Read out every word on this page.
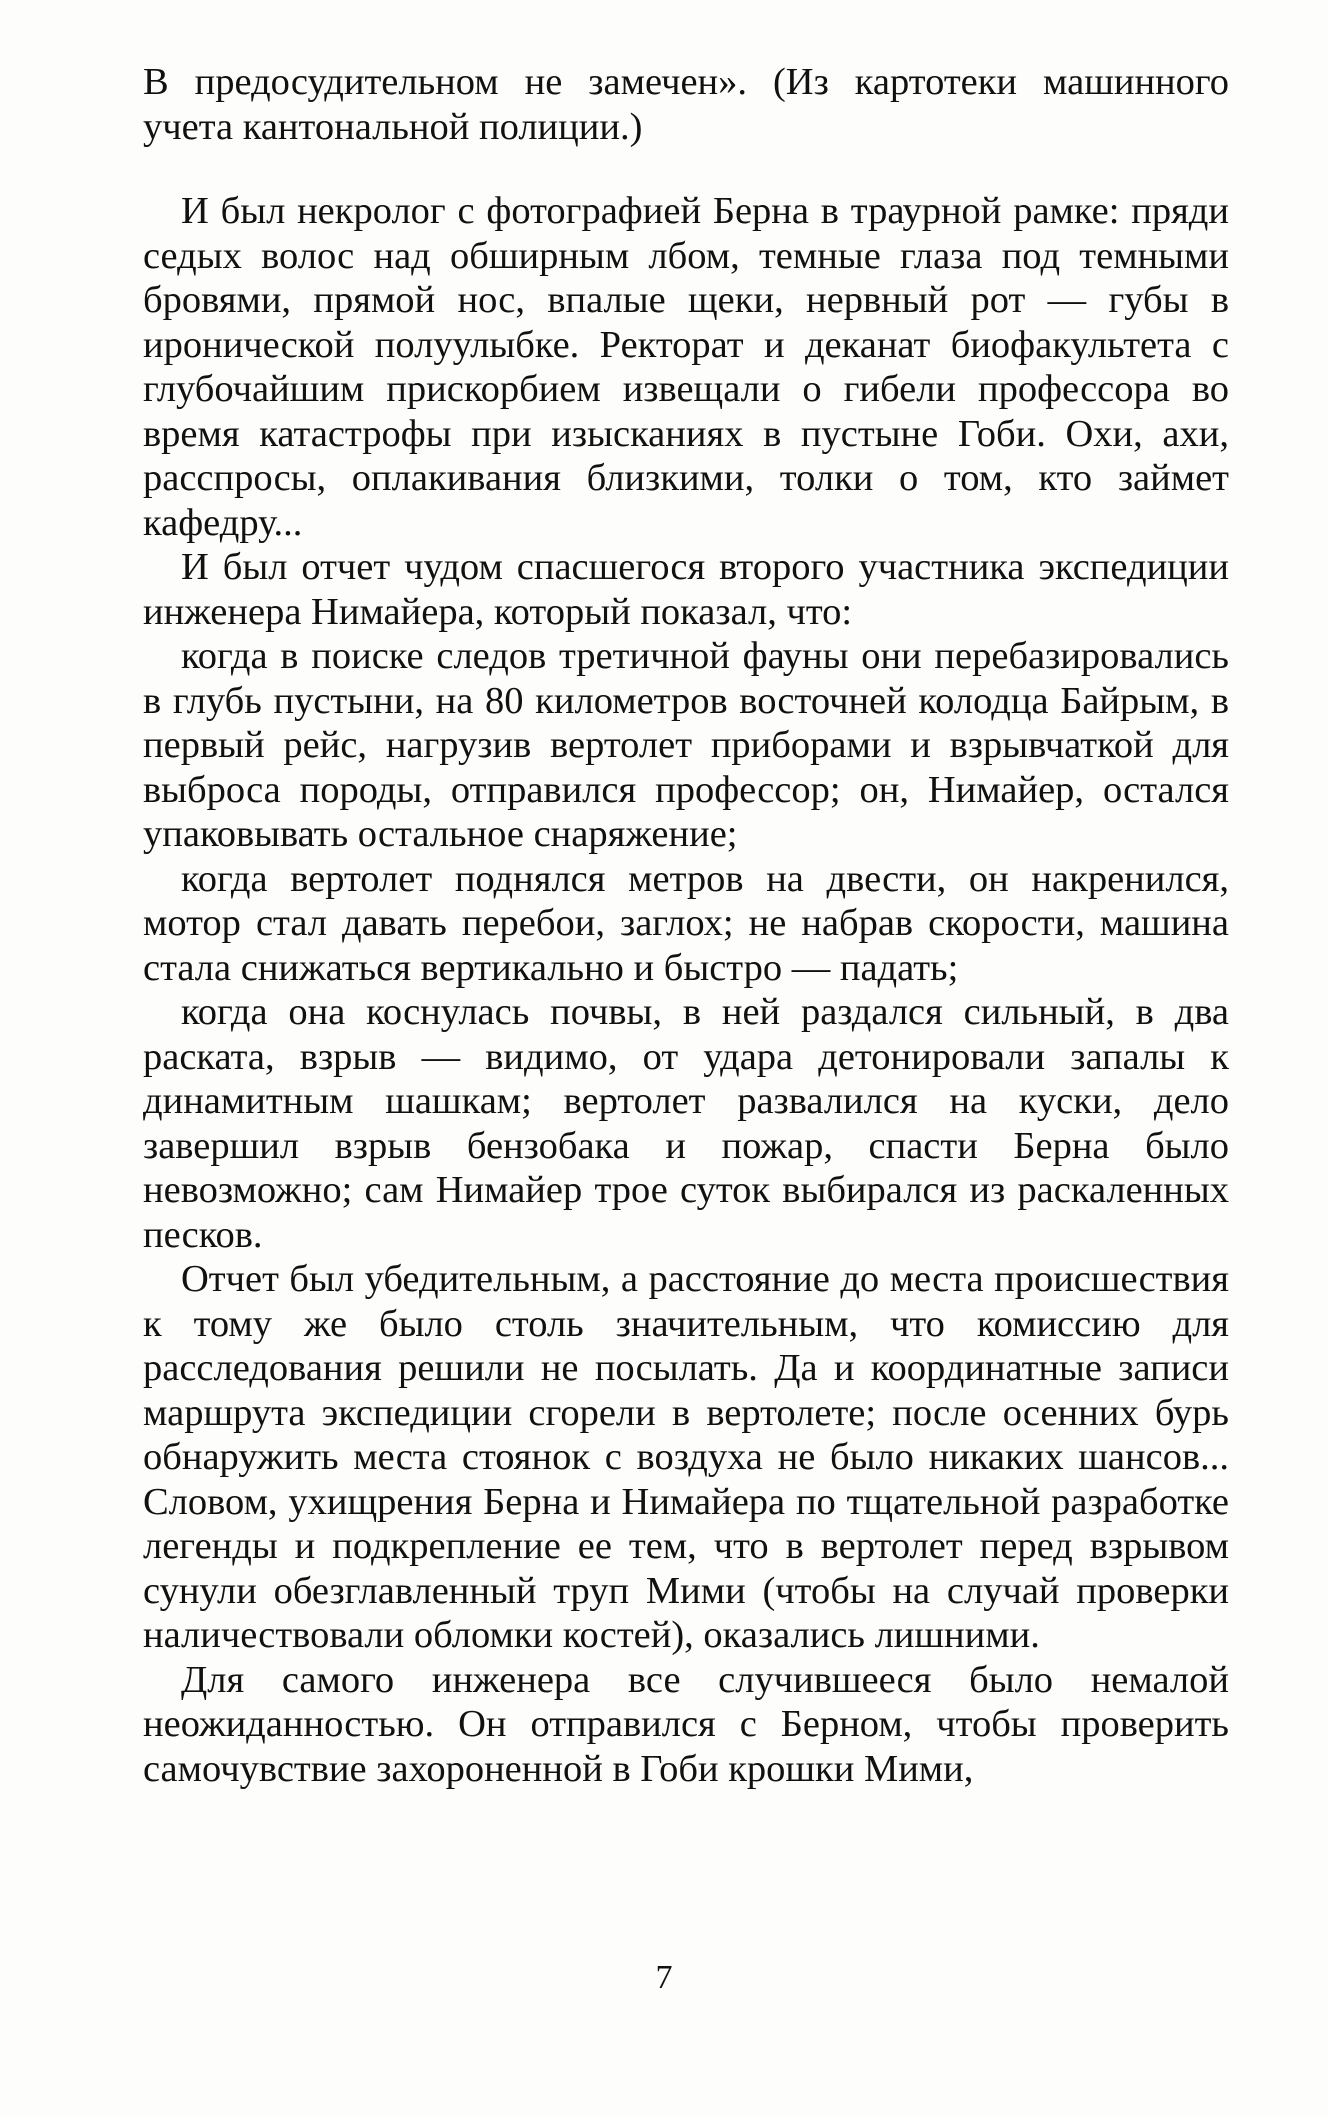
В предосудительном не замечен». (Из картотеки машинного учета кантональной полиции.)

И был некролог с фотографией Берна в траурной рамке: пряди седых волос над обширным лбом, темные глаза под темными бровями, прямой нос, впалые щеки, нервный рот — губы в иронической полуулыбке. Ректорат и деканат биофакультета с глубочайшим прискорбием извещали о гибели профессора во время катастрофы при изысканиях в пустыне Гоби. Охи, ахи, расспросы, оплакивания близкими, толки о том, кто займет кафедру...

И был отчет чудом спасшегося второго участника экспедиции инженера Нимайера, который показал, что:

когда в поиске следов третичной фауны они перебазировались в глубь пустыни, на 80 километров восточней колодца Байрым, в первый рейс, нагрузив вертолет приборами и взрывчаткой для выброса породы, отправился профессор; он, Нимайер, остался упаковывать остальное снаряжение;

когда вертолет поднялся метров на двести, он накренился, мотор стал давать перебои, заглох; не набрав скорости, машина стала снижаться вертикально и быстро — падать;

когда она коснулась почвы, в ней раздался сильный, в два раската, взрыв — видимо, от удара детонировали запалы к динамитным шашкам; вертолет развалился на куски, дело завершил взрыв бензобака и пожар, спасти Берна было невозможно; сам Нимайер трое суток выбирался из раскаленных песков.

Отчет был убедительным, а расстояние до места происшествия к тому же было столь значительным, что комиссию для расследования решили не посылать. Да и координатные записи маршрута экспедиции сгорели в вертолете; после осенних бурь обнаружить места стоянок с воздуха не было никаких шансов... Словом, ухищрения Берна и Нимайера по тщательной разработке легенды и подкрепление ее тем, что в вертолет перед взрывом сунули обезглавленный труп Мими (чтобы на случай проверки наличествовали обломки костей), оказались лишними.

Для самого инженера все случившееся было немалой неожиданностью. Он отправился с Берном, чтобы проверить самочувствие захороненной в Гоби крошки Мими,

7
